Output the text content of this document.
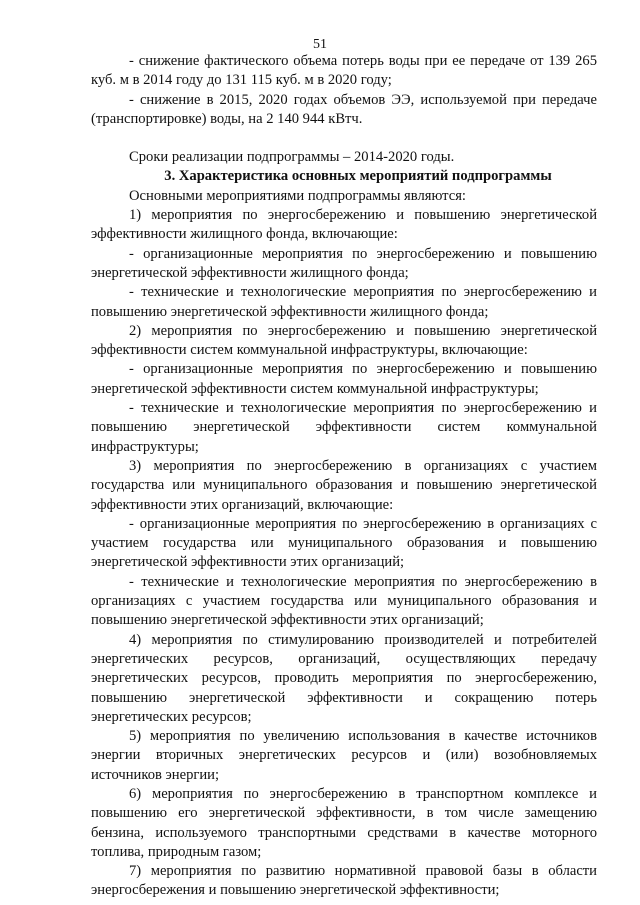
51

- снижение фактического объема потерь воды при ее передаче от 139 265 куб. м в 2014 году до 131 115 куб. м в 2020 году;

- снижение в 2015, 2020 годах объемов ЭЭ, используемой при передаче (транспортировке) воды, на 2 140 944 кВтч.

Сроки реализации подпрограммы – 2014-2020 годы.

3. Характеристика основных мероприятий подпрограммы

Основными мероприятиями подпрограммы являются:

1) мероприятия по энергосбережению и повышению энергетической эффективности жилищного фонда, включающие:

- организационные мероприятия по энергосбережению и повышению энергетической эффективности жилищного фонда;

- технические и технологические мероприятия по энергосбережению и повышению энергетической эффективности жилищного фонда;

2) мероприятия по энергосбережению и повышению энергетической эффективности систем коммунальной инфраструктуры, включающие:

- организационные мероприятия по энергосбережению и повышению энергетической эффективности систем коммунальной инфраструктуры;

- технические и технологические мероприятия по энергосбережению и повышению энергетической эффективности систем коммунальной инфраструктуры;

3) мероприятия по энергосбережению в организациях с участием государства или муниципального образования и повышению энергетической эффективности этих организаций, включающие:

- организационные мероприятия по энергосбережению в организациях с участием государства или муниципального образования и повышению энергетической эффективности этих организаций;

- технические и технологические мероприятия по энергосбережению в организациях с участием государства или муниципального образования и повышению энергетической эффективности этих организаций;

4) мероприятия по стимулированию производителей и потребителей энергетических ресурсов, организаций, осуществляющих передачу энергетических ресурсов, проводить мероприятия по энергосбережению, повышению энергетической эффективности и сокращению потерь энергетических ресурсов;

5) мероприятия по увеличению использования в качестве источников энергии вторичных энергетических ресурсов и (или) возобновляемых источников энергии;

6) мероприятия по энергосбережению в транспортном комплексе и повышению его энергетической эффективности, в том числе замещению бензина, используемого транспортными средствами в качестве моторного топлива, природным газом;

7) мероприятия по развитию нормативной правовой базы в области энергосбережения и повышению энергетической эффективности;
